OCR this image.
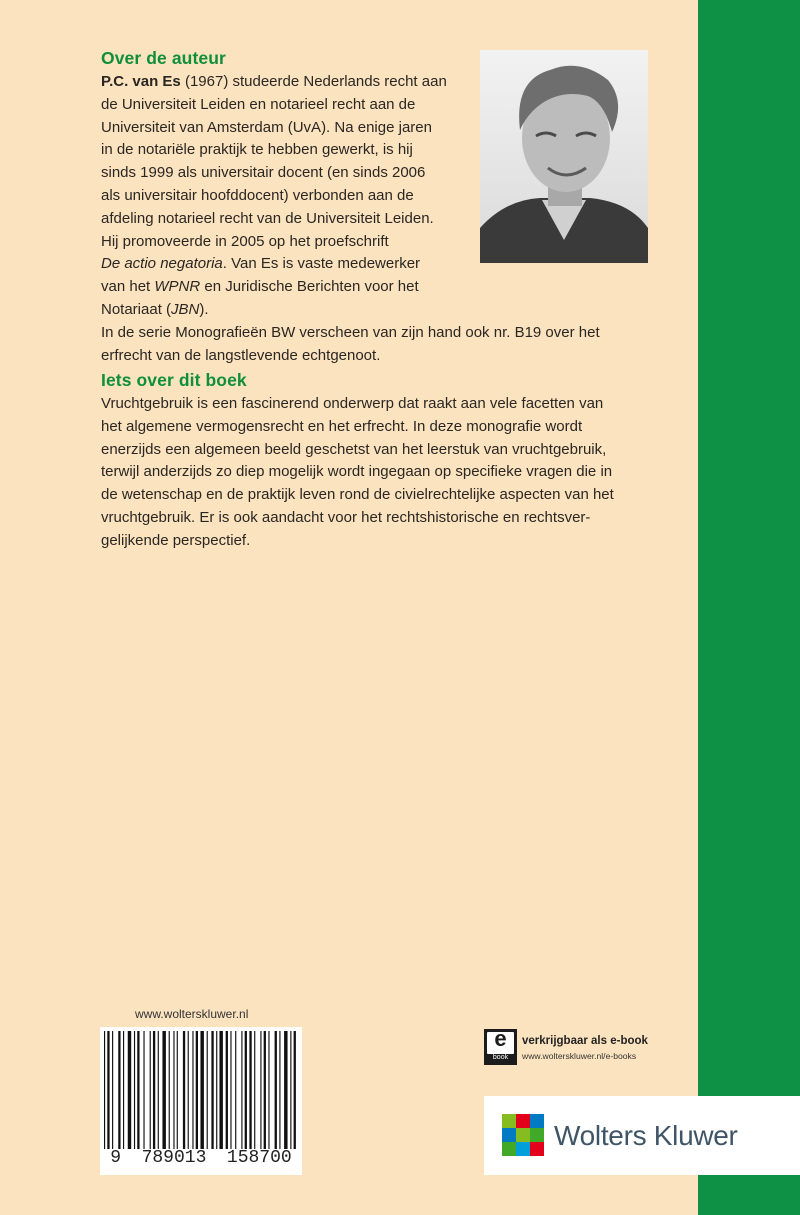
Over de auteur
P.C. van Es (1967) studeerde Nederlands recht aan
de Universiteit Leiden en notarieel recht aan de
Universiteit van Amsterdam (UvA). Na enige jaren
in de notariële praktijk te hebben gewerkt, is hij
sinds 1999 als universitair docent (en sinds 2006
als universitair hoofddocent) verbonden aan de
afdeling notarieel recht van de Universiteit Leiden.
Hij promoveerde in 2005 op het proefschrift
De actio negatoria. Van Es is vaste medewerker
van het WPNR en Juridische Berichten voor het
Notariaat (JBN).
In de serie Monografieën BW verscheen van zijn hand ook nr. B19 over het
erfrecht van de langstlevende echtgenoot.
Iets over dit boek
Vruchtgebruik is een fascinerend onderwerp dat raakt aan vele facetten van
het algemene vermogensrecht en het erfrecht. In deze monografie wordt
enerzijds een algemeen beeld geschetst van het leerstuk van vruchtgebruik,
terwijl anderzijds zo diep mogelijk wordt ingegaan op specifieke vragen die in
de wetenschap en de praktijk leven rond de civielrechtelijke aspecten van het
vruchtgebruik. Er is ook aandacht voor het rechtshistorische en rechtsver-
gelijkende perspectief.
www.wolterskluwer.nl
9 789013 158700
e
book
verkrijgbaar als e-book
www.wolterskluwer.nl/e-books
Wolters Kluwer
